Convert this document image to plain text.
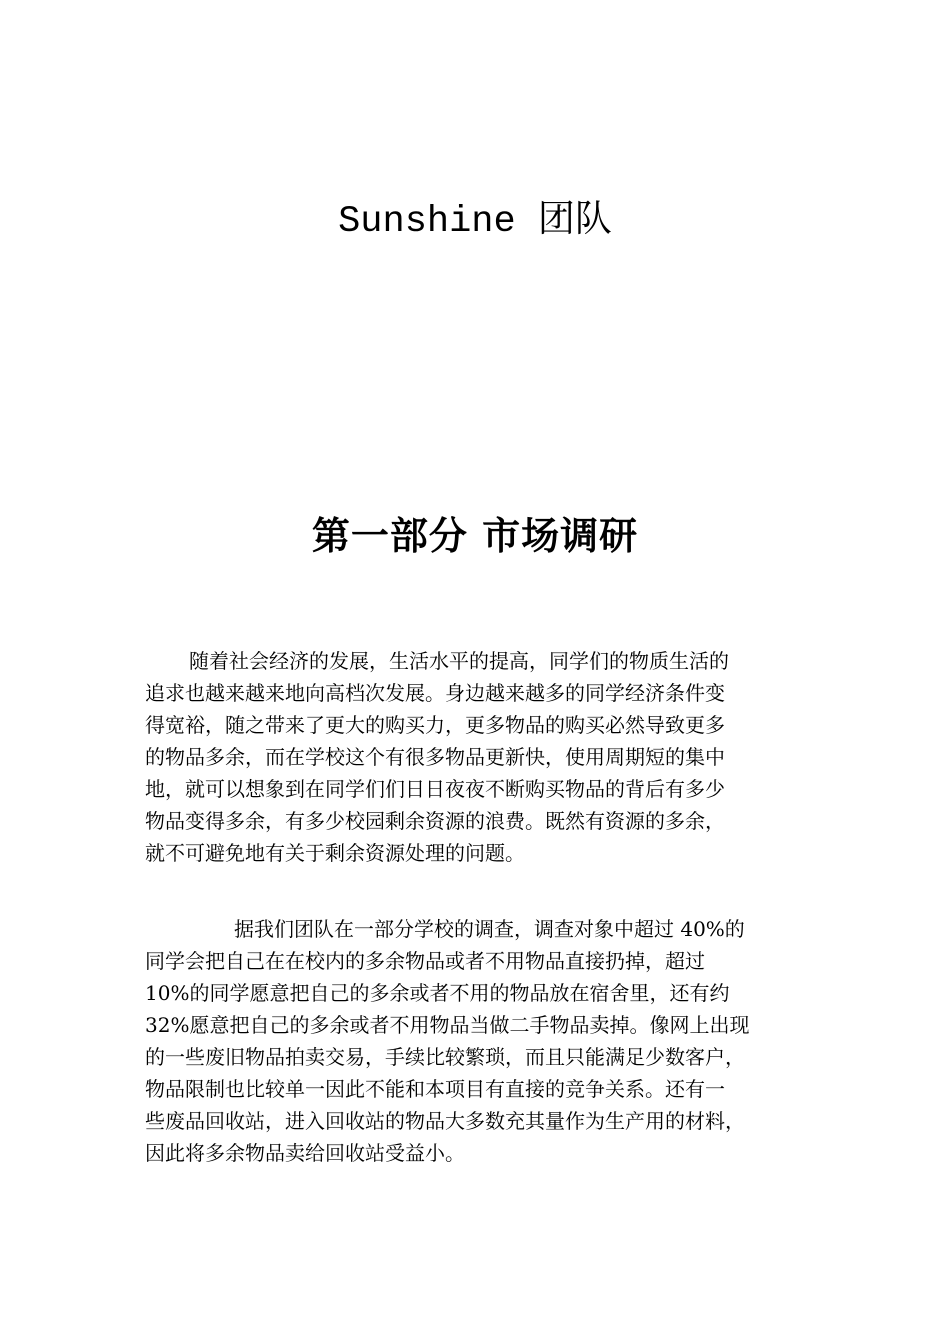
Sunshine 团队
第一部分 市场调研
随着社会经济的发展，生活水平的提高，同学们的物质生活的
追求也越来越来地向高档次发展。身边越来越多的同学经济条件变
得宽裕，随之带来了更大的购买力，更多物品的购买必然导致更多
的物品多余，而在学校这个有很多物品更新快，使用周期短的集中
地，就可以想象到在同学们们日日夜夜不断购买物品的背后有多少
物品变得多余，有多少校园剩余资源的浪费。既然有资源的多余，
就不可避免地有关于剩余资源处理的问题。
据我们团队在一部分学校的调查，调查对象中超过 40%的
同学会把自己在在校内的多余物品或者不用物品直接扔掉，超过
10%的同学愿意把自己的多余或者不用的物品放在宿舍里，还有约
32%愿意把自己的多余或者不用物品当做二手物品卖掉。像网上出现
的一些废旧物品拍卖交易，手续比较繁琐，而且只能满足少数客户，
物品限制也比较单一因此不能和本项目有直接的竞争关系。还有一
些废品回收站，进入回收站的物品大多数充其量作为生产用的材料，
因此将多余物品卖给回收站受益小。
